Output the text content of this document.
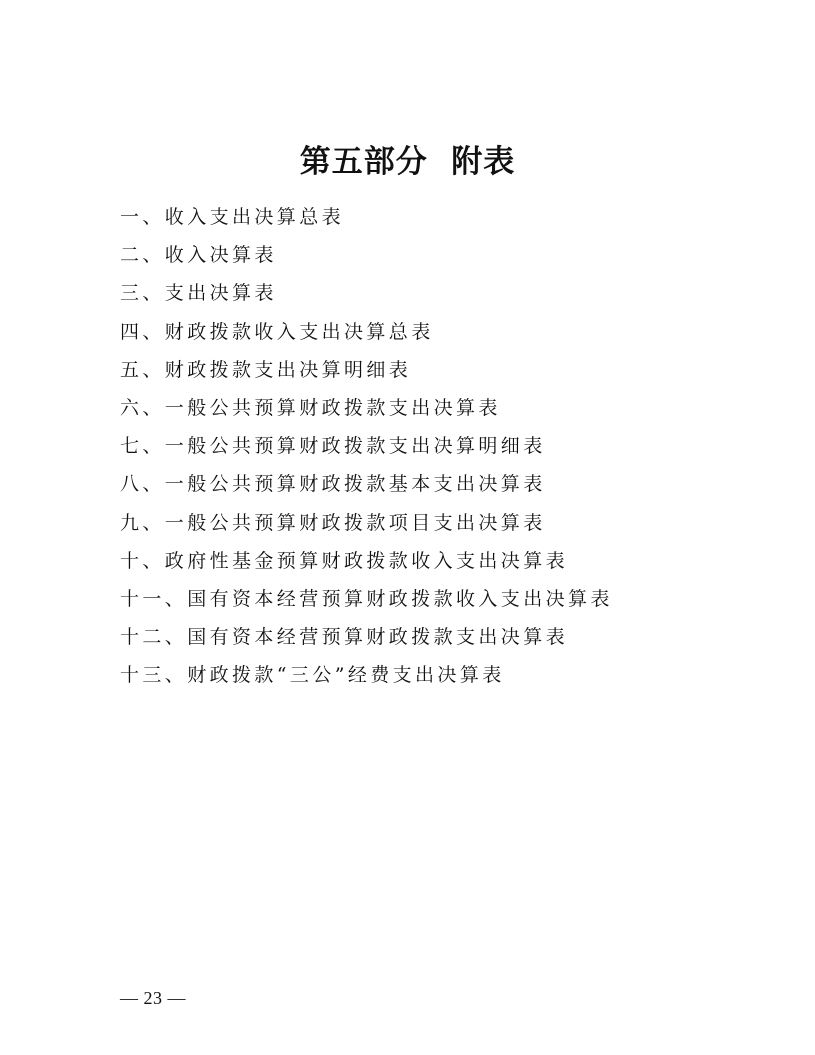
第五部分  附表
一、收入支出决算总表
二、收入决算表
三、支出决算表
四、财政拨款收入支出决算总表
五、财政拨款支出决算明细表
六、一般公共预算财政拨款支出决算表
七、一般公共预算财政拨款支出决算明细表
八、一般公共预算财政拨款基本支出决算表
九、一般公共预算财政拨款项目支出决算表
十、政府性基金预算财政拨款收入支出决算表
十一、国有资本经营预算财政拨款收入支出决算表
十二、国有资本经营预算财政拨款支出决算表
十三、财政拨款“三公”经费支出决算表
— 23 —
